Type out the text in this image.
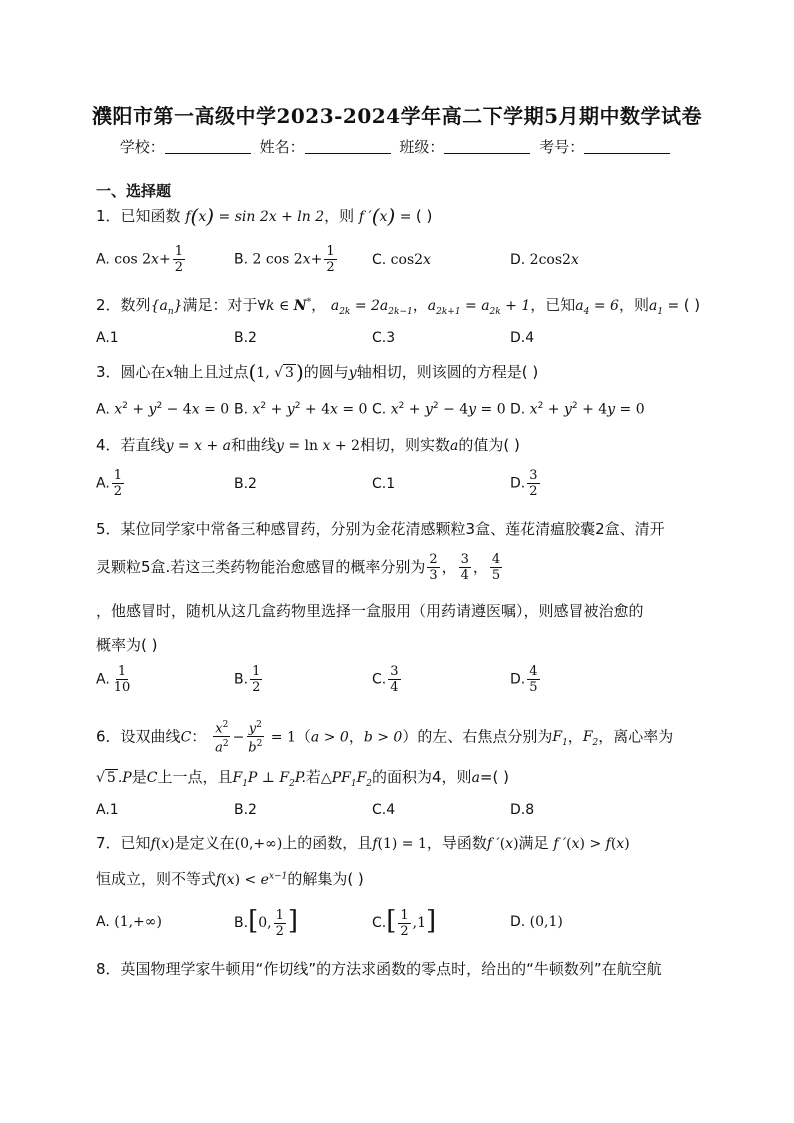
濮阳市第一高级中学2023-2024学年高二下学期5月期中数学试卷
学校：	姓名：	班级：	考号：
一、选择题
1．已知函数 f(x) = sin 2x + ln 2，则 f ′(x) = ( )
A. $\cos 2x+ \frac{1}{2}$	B. 2 $\cos 2x+ \frac{1}{2}$	C. cos2x	D. 2cos2x
2．数列$\{a_n\}$满足：对于∀k ∈ N*， $a_{2k} = 2a_{2k-1}$，$a_{2k+1} = a_{2k} + 1$，已知$a_4 = 6$，则$a_1$ = ( )
A.1	B.2	C.3	D.4
3．圆心在x轴上且过点(1, √ 3 )的圆与y轴相切，则该圆的方程是( )
A. $x^2 + y^2 - 4x = 0$ B. $x^2 + y^2 + 4x = 0$ C. $x^2 + y^2 - 4y = 0$ D. $x^2 + y^2 + 4y = 0$
4．若直线y = x + a和曲线y = ln x + 2相切，则实数a的值为( )
A. $\frac{1}{2}$	B.2	C.1	D. $\frac{3}{2}$
5．某位同学家中常备三种感冒药，分别为金花清感颗粒3盒、莲花清瘟胶囊2盒、清开
灵颗粒5盒.若这三类药物能治愈感冒的概率分别为 $\frac{2}{3}$ ， $\frac{3}{4}$ ， $\frac{4}{5}$
，他感冒时，随机从这几盒药物里选择一盒服用（用药请遵医嘱），则感冒被治愈的
概率为( )
A. $\frac{1}{10}$	B. $\frac{1}{2}$	C. $\frac{3}{4}$	D. $\frac{4}{5}$
6．设双曲线C： $\frac{x^2}{a^2} - \frac{y^2}{b^2} = 1(a > 0$，b > 0）的左、右焦点分别为$F_1$，$F_2$，离心率为
√ 5 .P是C上一点，且$F_1P$ ⊥ $F_2P$.若$\triangle PF_1F_2$的面积为4，则a=( )
A.1	B.2	C.4	D.8
7．已知f(x)是定义在(0,+∞)上的函数，且f(1) = 1，导函数f ′(x)满足 f ′(x) > f(x)
恒成立，则不等式$f(x) < e^{x-1}$的解集为( )
A. (1,+∞)	B.[0, $\frac{1}{2}$ ]	$C.[ \frac{1}{2} ,1]$	D. (0,1)
8．英国物理学家牛顿用“作切线”的方法求函数的零点时，给出的“牛顿数列”在航空航
